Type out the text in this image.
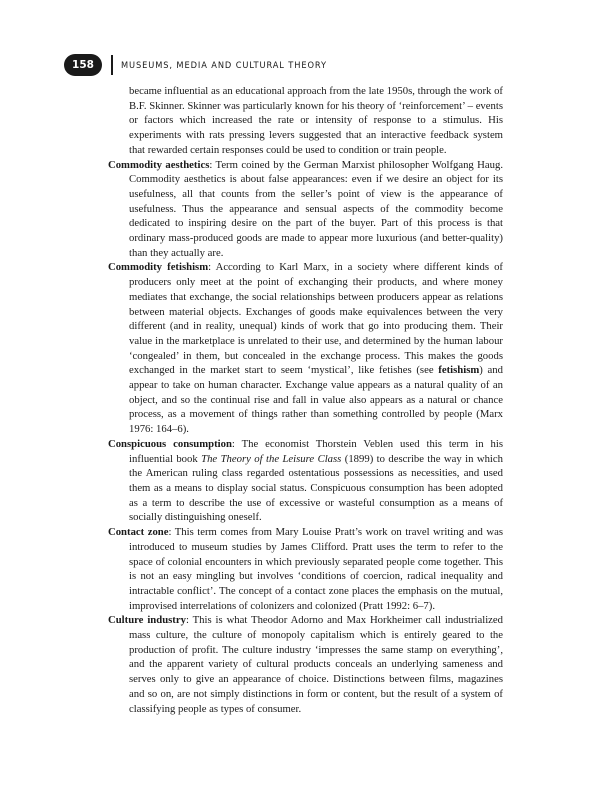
158	MUSEUMS, MEDIA AND CULTURAL THEORY

became influential as an educational approach from the late 1950s, through the work of B.F. Skinner. Skinner was particularly known for his theory of ‘reinforcement’ – events or factors which increased the rate or intensity of response to a stimulus. His experiments with rats pressing levers suggested that an interactive feedback system that rewarded certain responses could be used to condition or train people.

Commodity aesthetics: Term coined by the German Marxist philosopher Wolfgang Haug. Commodity aesthetics is about false appearances: even if we desire an object for its usefulness, all that counts from the seller’s point of view is the appearance of usefulness. Thus the appearance and sensual aspects of the commodity become dedicated to inspiring desire on the part of the buyer. Part of this process is that ordinary mass-produced goods are made to appear more luxurious (and better-quality) than they actually are.

Commodity fetishism: According to Karl Marx, in a society where different kinds of producers only meet at the point of exchanging their products, and where money mediates that exchange, the social relationships between producers appear as relations between material objects. Exchanges of goods make equivalences between the very different (and in reality, unequal) kinds of work that go into producing them. Their value in the marketplace is unrelated to their use, and determined by the human labour ‘congealed’ in them, but concealed in the exchange process. This makes the goods exchanged in the market start to seem ‘mystical’, like fetishes (see fetishism) and appear to take on human character. Exchange value appears as a natural quality of an object, and so the continual rise and fall in value also appears as a natural or chance process, as a movement of things rather than something controlled by people (Marx 1976: 164–6).

Conspicuous consumption: The economist Thorstein Veblen used this term in his influential book The Theory of the Leisure Class (1899) to describe the way in which the American ruling class regarded ostentatious possessions as necessities, and used them as a means to display social status. Conspicuous consumption has been adopted as a term to describe the use of excessive or wasteful consumption as a means of socially distinguishing oneself.

Contact zone: This term comes from Mary Louise Pratt’s work on travel writing and was introduced to museum studies by James Clifford. Pratt uses the term to refer to the space of colonial encounters in which previously separated people come together. This is not an easy mingling but involves ‘conditions of coercion, radical inequality and intractable conflict’. The concept of a contact zone places the emphasis on the mutual, improvised interrelations of colonizers and colonized (Pratt 1992: 6–7).

Culture industry: This is what Theodor Adorno and Max Horkheimer call industrialized mass culture, the culture of monopoly capitalism which is entirely geared to the production of profit. The culture industry ‘impresses the same stamp on everything’, and the apparent variety of cultural products conceals an underlying sameness and serves only to give an appearance of choice. Distinctions between films, magazines and so on, are not simply distinctions in form or content, but the result of a system of classifying people as types of consumer.
